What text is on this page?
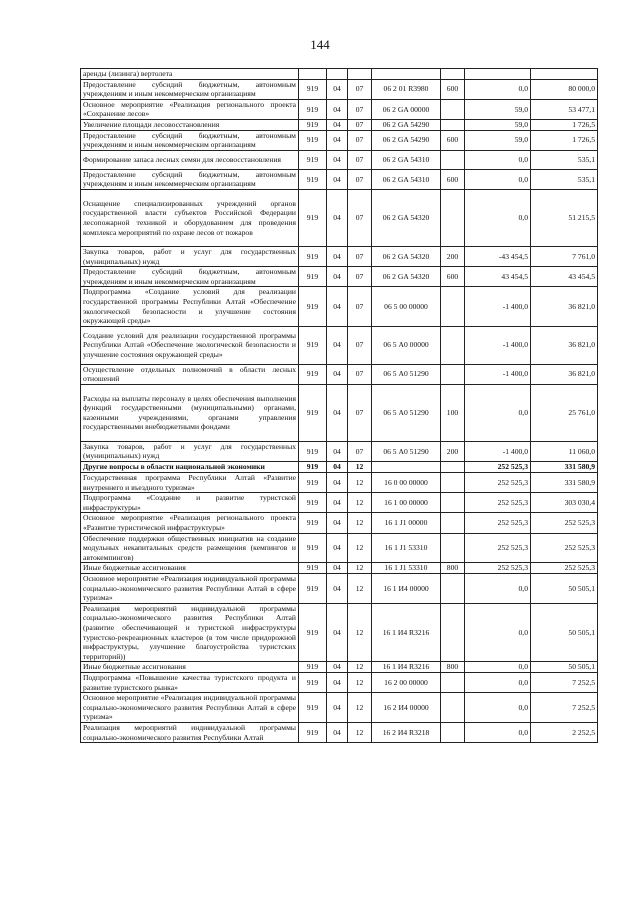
144
аренды (лизинга) вертолета							
Предоставление субсидий бюджетным, автономным учреждениям и иным некоммерческим организациям	919	04	07	06 2 01 R3980	600	0,0	80 000,0
Основное мероприятие «Реализация регионального проекта «Сохранение лесов»	919	04	07	06 2 GA 00000		59,0	53 477,1
Увеличение площади лесовосстановления	919	04	07	06 2 GA 54290		59,0	1 726,5
Предоставление субсидий бюджетным, автономным учреждениям и иным некоммерческим организациям	919	04	07	06 2 GA 54290	600	59,0	1 726,5
Формирование запаса лесных семян для лесовосстановления	919	04	07	06 2 GA 54310		0,0	535,1
Предоставление субсидий бюджетным, автономным учреждениям и иным некоммерческим организациям	919	04	07	06 2 GA 54310	600	0,0	535,1
Оснащение специализированных учреждений органов государственной власти субъектов Российской Федерации лесопожарной техникой и оборудованием для проведения комплекса мероприятий по охране лесов от пожаров	919	04	07	06 2 GA 54320		0,0	51 215,5
Закупка товаров, работ и услуг для государственных (муниципальных) нужд	919	04	07	06 2 GA 54320	200	-43 454,5	7 761,0
Предоставление субсидий бюджетным, автономным учреждениям и иным некоммерческим организациям	919	04	07	06 2 GA 54320	600	43 454,5	43 454,5
Подпрограмма «Создание условий для реализации государственной программы Республики Алтай «Обеспечение экологической безопасности и улучшение состояния окружающей среды»	919	04	07	06 5 00 00000		-1 400,0	36 821,0
Создание условий для реализации государственной программы Республики Алтай «Обеспечение экологической безопасности и улучшение состояния окружающей среды»	919	04	07	06 5 А0 00000		-1 400,0	36 821,0
Осуществление отдельных полномочий в области лесных отношений	919	04	07	06 5 А0 51290		-1 400,0	36 821,0
Расходы на выплаты персоналу в целях обеспечения выполнения функций государственными (муниципальными) органами, казенными учреждениями, органами управления государственными внебюджетными фондами	919	04	07	06 5 А0 51290	100	0,0	25 761,0
Закупка товаров, работ и услуг для государственных (муниципальных) нужд	919	04	07	06 5 А0 51290	200	-1 400,0	11 060,0
Другие вопросы в области национальной экономики	919	04	12			252 525,3	331 580,9
Государственная программа Республики Алтай «Развитие внутреннего и въездного туризма»	919	04	12	16 0 00 00000		252 525,3	331 580,9
Подпрограмма «Создание и развитие туристской инфраструктуры»	919	04	12	16 1 00 00000		252 525,3	303 030,4
Основное мероприятие «Реализация регионального проекта «Развитие туристической инфраструктуры»	919	04	12	16 1 J1 00000		252 525,3	252 525,3
Обеспечение поддержки общественных инициатив на создание модульных некапитальных средств размещения (кемпингов и автокемпингов)	919	04	12	16 1 J1 53310		252 525,3	252 525,3
Иные бюджетные ассигнования	919	04	12	16 1 J1 53310	800	252 525,3	252 525,3
Основное мероприятие «Реализация индивидуальной программы социально-экономического развития Республики Алтай в сфере туризма»	919	04	12	16 1 И4 00000		0,0	50 505,1
Реализация мероприятий индивидуальной программы социально-экономического развития Республики Алтай (развитие обеспечивающей и туристской инфраструктуры туристско-рекреационных кластеров (в том числе придорожной инфраструктуры, улучшение благоустройства туристских территорий))	919	04	12	16 1 И4 R3216		0,0	50 505,1
Иные бюджетные ассигнования	919	04	12	16 1 И4 R3216	800	0,0	50 505,1
Подпрограмма «Повышение качества туристского продукта и развитие туристского рынка»	919	04	12	16 2 00 00000		0,0	7 252,5
Основное мероприятие «Реализация индивидуальной программы социально-экономического развития Республики Алтай в сфере туризма»	919	04	12	16 2 И4 00000		0,0	7 252,5
Реализация мероприятий индивидуальной программы социально-экономического развития Республики Алтай	919	04	12	16 2 И4 R3218		0,0	2 252,5
